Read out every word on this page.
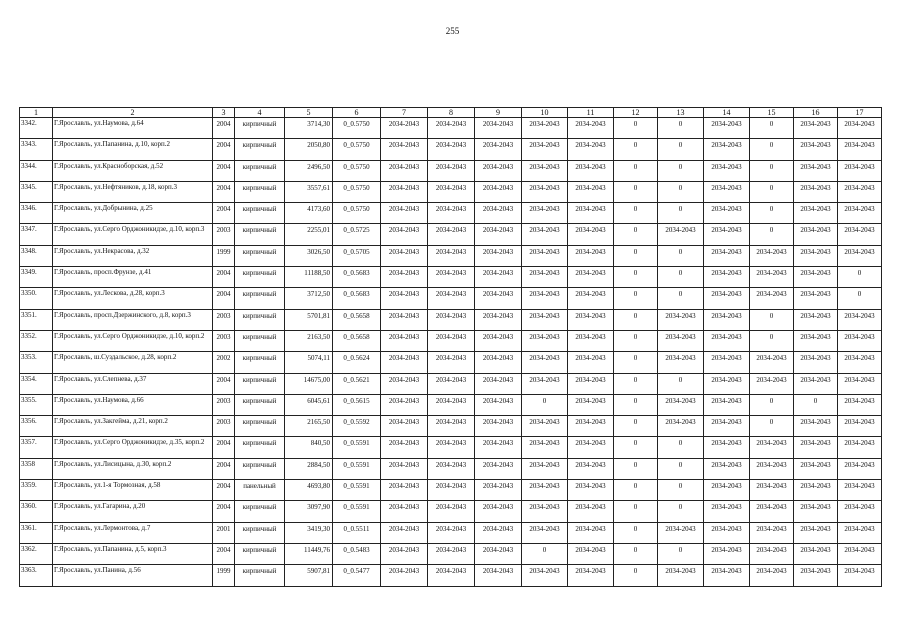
255
1	2	3	4	5	6	7	8	9	10	11	12	13	14	15	16	17
3342.	Г.Ярославль, ул.Наумова, д.64	2004	кирпичный	3714,30	0_0.5750	2034-2043	2034-2043	2034-2043	2034-2043	2034-2043	0	0	2034-2043	0	2034-2043	2034-2043
3343.	Г.Ярославль, ул.Папанина, д.10, корп.2	2004	кирпичный	2050,80	0_0.5750	2034-2043	2034-2043	2034-2043	2034-2043	2034-2043	0	0	2034-2043	0	2034-2043	2034-2043
3344.	Г.Ярославль, ул.Красноборская, д.52	2004	кирпичный	2496,50	0_0.5750	2034-2043	2034-2043	2034-2043	2034-2043	2034-2043	0	0	2034-2043	0	2034-2043	2034-2043
3345.	Г.Ярославль, ул.Нефтяников, д.18, корп.3	2004	кирпичный	3557,61	0_0.5750	2034-2043	2034-2043	2034-2043	2034-2043	2034-2043	0	0	2034-2043	0	2034-2043	2034-2043
3346.	Г.Ярославль, ул.Добрынина, д.25	2004	кирпичный	4173,60	0_0.5750	2034-2043	2034-2043	2034-2043	2034-2043	2034-2043	0	0	2034-2043	0	2034-2043	2034-2043
3347.	Г.Ярославль, ул.Серго Орджоникидзе, д.10, корп.3	2003	кирпичный	2255,01	0_0.5725	2034-2043	2034-2043	2034-2043	2034-2043	2034-2043	0	2034-2043	2034-2043	0	2034-2043	2034-2043
3348.	Г.Ярославль, ул.Некрасова, д.32	1999	кирпичный	3026,50	0_0.5705	2034-2043	2034-2043	2034-2043	2034-2043	2034-2043	0	0	2034-2043	2034-2043	2034-2043	2034-2043
3349.	Г.Ярославль, просп.Фрунзе, д.41	2004	кирпичный	11188,50	0_0.5683	2034-2043	2034-2043	2034-2043	2034-2043	2034-2043	0	0	2034-2043	2034-2043	2034-2043	0
3350.	Г.Ярославль, ул.Лескова, д.28, корп.3	2004	кирпичный	3712,50	0_0.5683	2034-2043	2034-2043	2034-2043	2034-2043	2034-2043	0	0	2034-2043	2034-2043	2034-2043	0
3351.	Г.Ярославль, просп.Дзержинского, д.8, корп.3	2003	кирпичный	5701,81	0_0.5658	2034-2043	2034-2043	2034-2043	2034-2043	2034-2043	0	2034-2043	2034-2043	0	2034-2043	2034-2043
3352.	Г.Ярославль, ул.Серго Орджоникидзе, д.10, корп.2	2003	кирпичный	2163,50	0_0.5658	2034-2043	2034-2043	2034-2043	2034-2043	2034-2043	0	2034-2043	2034-2043	0	2034-2043	2034-2043
3353.	Г.Ярославль, ш.Суздальское, д.28, корп.2	2002	кирпичный	5074,11	0_0.5624	2034-2043	2034-2043	2034-2043	2034-2043	2034-2043	0	2034-2043	2034-2043	2034-2043	2034-2043	2034-2043
3354.	Г.Ярославль, ул.Слепнева, д.37	2004	кирпичный	14675,00	0_0.5621	2034-2043	2034-2043	2034-2043	2034-2043	2034-2043	0	0	2034-2043	2034-2043	2034-2043	2034-2043
3355.	Г.Ярославль, ул.Наумова, д.66	2003	кирпичный	6045,61	0_0.5615	2034-2043	2034-2043	2034-2043	0	2034-2043	0	2034-2043	2034-2043	0	0	2034-2043
3356.	Г.Ярославль, ул.Закгейма, д.21, корп.2	2003	кирпичный	2165,50	0_0.5592	2034-2043	2034-2043	2034-2043	2034-2043	2034-2043	0	2034-2043	2034-2043	0	2034-2043	2034-2043
3357.	Г.Ярославль, ул.Серго Орджоникидзе, д.35, корп.2	2004	кирпичный	840,50	0_0.5591	2034-2043	2034-2043	2034-2043	2034-2043	2034-2043	0	0	2034-2043	2034-2043	2034-2043	2034-2043
3358	Г.Ярославль, ул.Лисицына, д.30, корп.2	2004	кирпичный	2884,50	0_0.5591	2034-2043	2034-2043	2034-2043	2034-2043	2034-2043	0	0	2034-2043	2034-2043	2034-2043	2034-2043
3359.	Г.Ярославль, ул.1-я Тормозная, д.58	2004	панельный	4693,80	0_0.5591	2034-2043	2034-2043	2034-2043	2034-2043	2034-2043	0	0	2034-2043	2034-2043	2034-2043	2034-2043
3360.	Г.Ярославль, ул.Гагарина, д.20	2004	кирпичный	3097,90	0_0.5591	2034-2043	2034-2043	2034-2043	2034-2043	2034-2043	0	0	2034-2043	2034-2043	2034-2043	2034-2043
3361.	Г.Ярославль, ул.Лермонтова, д.7	2001	кирпичный	3419,30	0_0.5511	2034-2043	2034-2043	2034-2043	2034-2043	2034-2043	0	2034-2043	2034-2043	2034-2043	2034-2043	2034-2043
3362.	Г.Ярославль, ул.Папанина, д.5, корп.3	2004	кирпичный	11449,76	0_0.5483	2034-2043	2034-2043	2034-2043	0	2034-2043	0	0	2034-2043	2034-2043	2034-2043	2034-2043
3363.	Г.Ярославль, ул.Панина, д.56	1999	кирпичный	5907,81	0_0.5477	2034-2043	2034-2043	2034-2043	2034-2043	2034-2043	0	2034-2043	2034-2043	2034-2043	2034-2043	2034-2043
